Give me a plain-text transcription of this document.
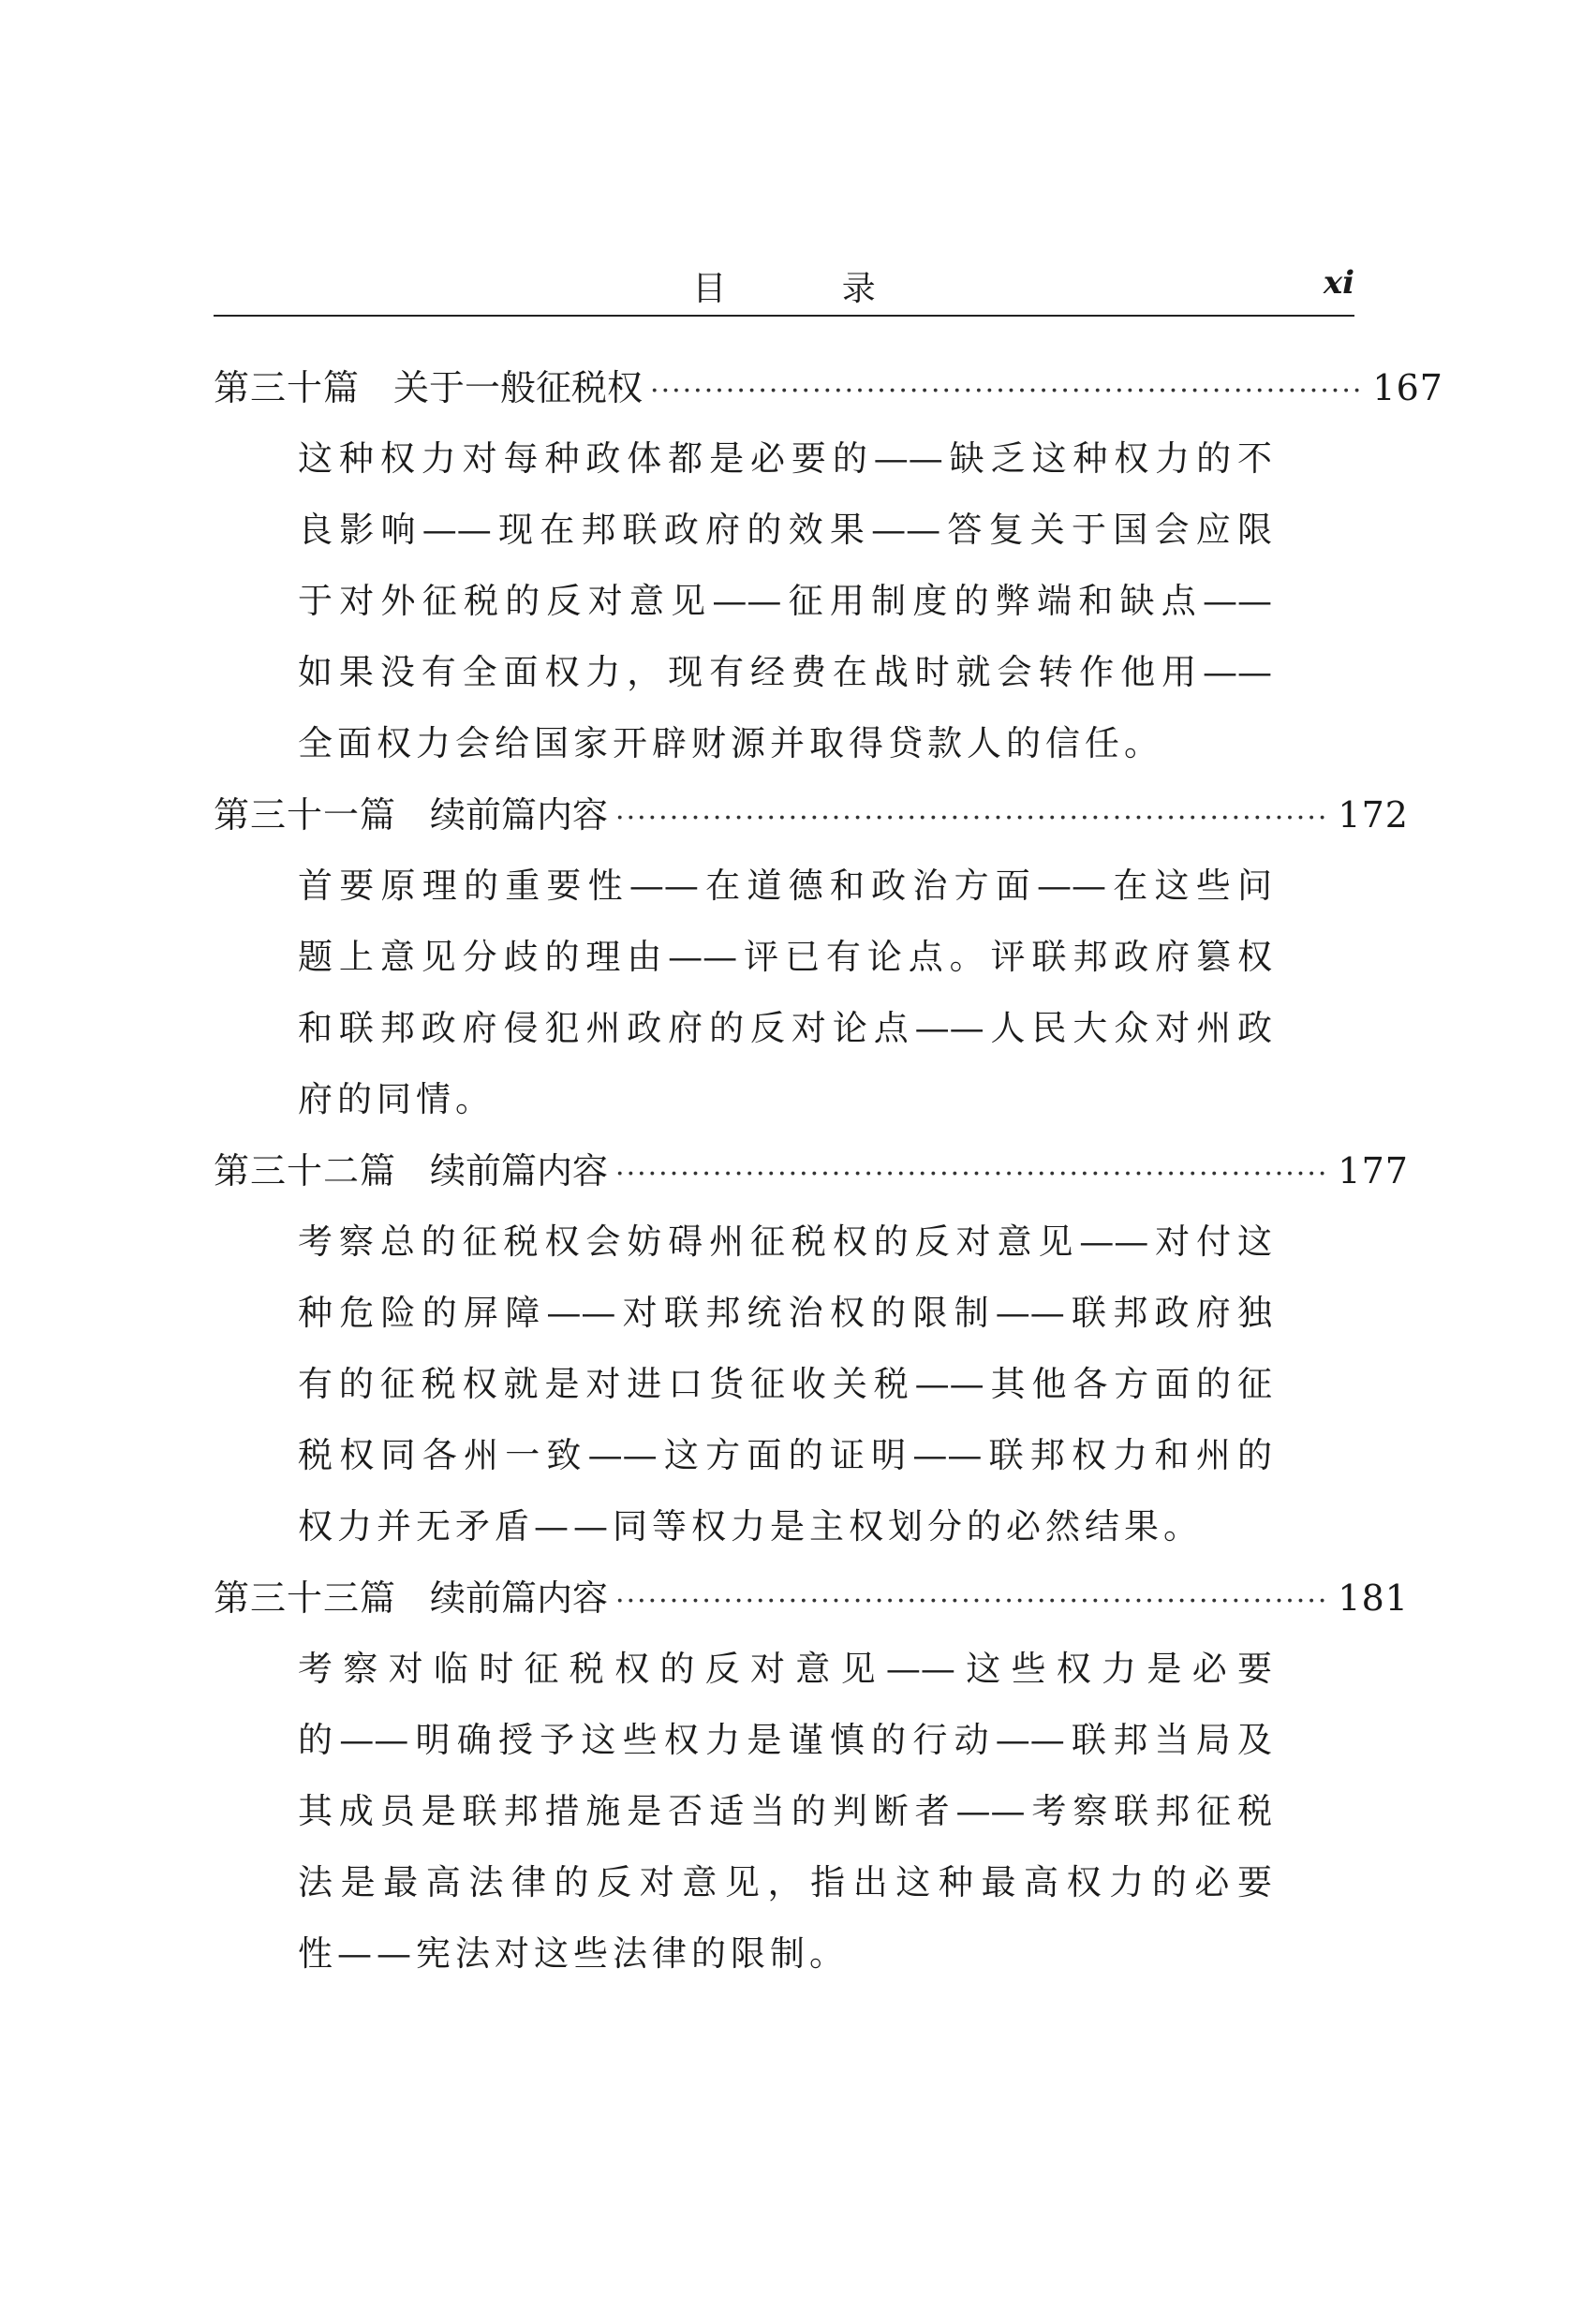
目 录	xi
第三十篇 关于一般征税权 ·································································· 167
这种权力对每种政体都是必要的——缺乏这种权力的不
良影响——现在邦联政府的效果——答复关于国会应限
于对外征税的反对意见——征用制度的弊端和缺点——
如果没有全面权力，现有经费在战时就会转作他用——
全面权力会给国家开辟财源并取得贷款人的信任。
第三十一篇 续前篇内容 ·································································· 172
首要原理的重要性——在道德和政治方面——在这些问
题上意见分歧的理由——评已有论点。评联邦政府篡权
和联邦政府侵犯州政府的反对论点——人民大众对州政
府的同情。
第三十二篇 续前篇内容 ·································································· 177
考察总的征税权会妨碍州征税权的反对意见——对付这
种危险的屏障——对联邦统治权的限制——联邦政府独
有的征税权就是对进口货征收关税——其他各方面的征
税权同各州一致——这方面的证明——联邦权力和州的
权力并无矛盾——同等权力是主权划分的必然结果。
第三十三篇 续前篇内容 ·································································· 181
考察对临时征税权的反对意见——这些权力是必要
的——明确授予这些权力是谨慎的行动——联邦当局及
其成员是联邦措施是否适当的判断者——考察联邦征税
法是最高法律的反对意见，指出这种最高权力的必要
性——宪法对这些法律的限制。
